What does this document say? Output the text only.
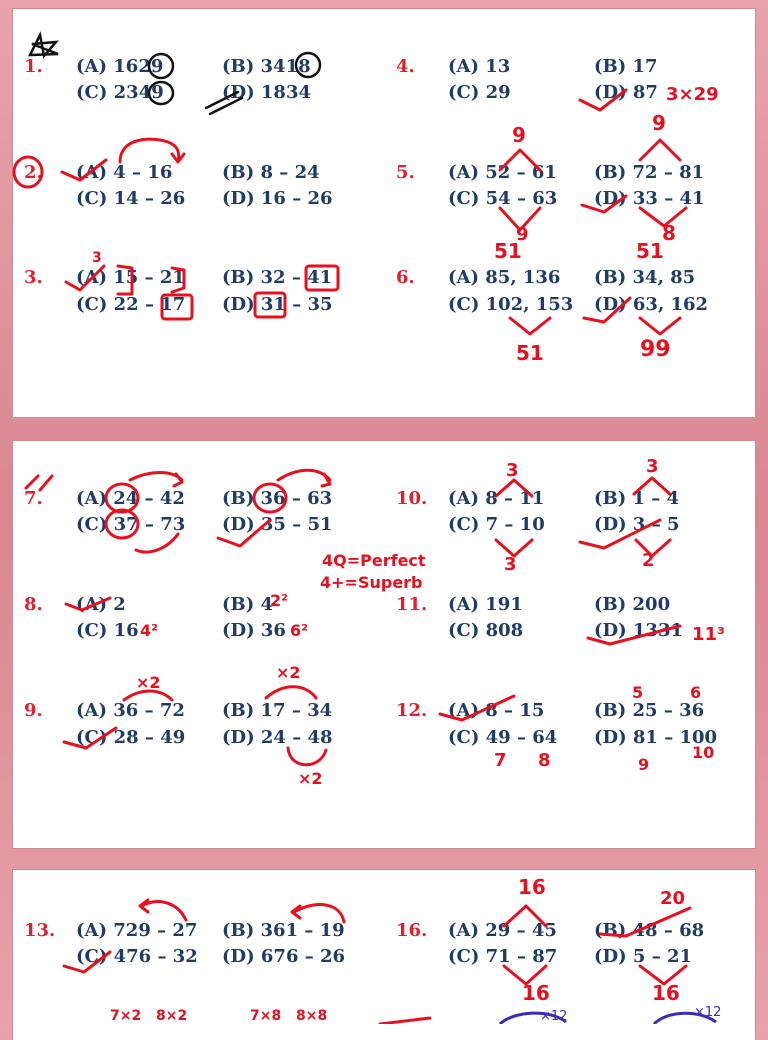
1. (A) 1629	(B) 3418
(C) 2349	(D) 1834
2. (A) 4 – 16	(B) 8 – 24
(C) 14 – 26 (D) 16 – 26
3. (A) 15 – 21 (B) 32 – 41
(C) 22 – 17 (D) 31 – 35
4. (A) 13	(B) 17
(C) 29	(D) 87
5. (A) 52 – 61 (B) 72 – 81
(C) 54 – 63 (D) 33 – 41
6. (A) 85, 136 (B) 34, 85
(C) 102, 153 (D) 63, 162
7. (A) 24 – 42 (B) 36 – 63
(C) 37 – 73 (D) 35 – 51
8. (A) 2	(B) 4
(C) 16	(D) 36
9. (A) 36 – 72 (B) 17 – 34
(C) 28 – 49 (D) 24 – 48
10. (A) 8 – 11	(B) 1 – 4
(C) 7 – 10	(D) 3 – 5
11. (A) 191	(B) 200
(C) 808	(D) 1331
12. (A) 8 – 15	(B) 25 – 36
(C) 49 – 64 (D) 81 – 100
13. (A) 729 – 27 (B) 361 – 19
(C) 476 – 32 (D) 676 – 26
16. (A) 29 – 45 (B) 48 – 68
(C) 71 – 87 (D) 5 – 21
3
3×29
9	9
9
51
8
51
51	99
4Q=Perfect
4+=Superb
2²
4²	6²
×2
×2
×2
3	3
3	2
11³
5	6
7 8	9
10
7×2 8×2	7×8 8×8
16	20
16	16
×12	×12
